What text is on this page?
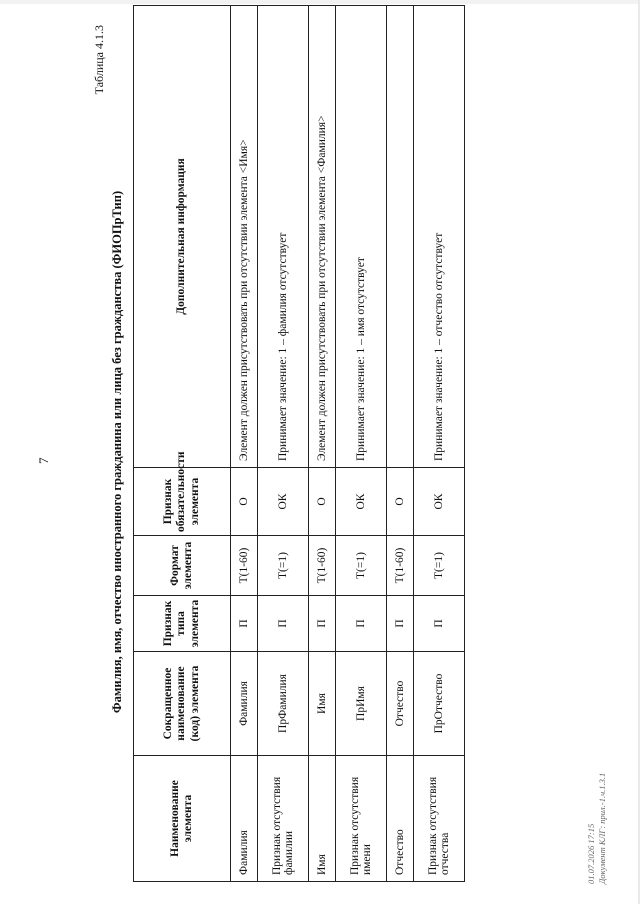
7
Таблица 4.1.3
Фамилия, имя, отчество иностранного гражданина или лица без гражданства (ФИОПрТип)
Наименование элемента	Сокращенное наименование (код) элемента	Признак типа элемента	Формат элемента	Признак обязательности элемента	Дополнительная информация
Фамилия	Фамилия	П	T(1-60)	О	Элемент должен присутствовать при отсутствии элемента <Имя>
Признак отсутствия фамилии	ПрФамилия	П	T(=1)	ОК	Принимает значение: 1 – фамилия отсутствует
Имя	Имя	П	T(1-60)	О	Элемент должен присутствовать при отсутствии элемента <Фамилия>
Признак отсутствия имени	ПрИмя	П	T(=1)	ОК	Принимает значение: 1 – имя отсутствует
Отчество	Отчество	П	T(1-60)	О	
Признак отсутствия отчества	ПрОтчество	П	T(=1)	ОК	Принимает значение: 1 – отчество отсутствует
01.07.2026 17:15 Документ КЛГ: прил.-1.ч.1.3.1
